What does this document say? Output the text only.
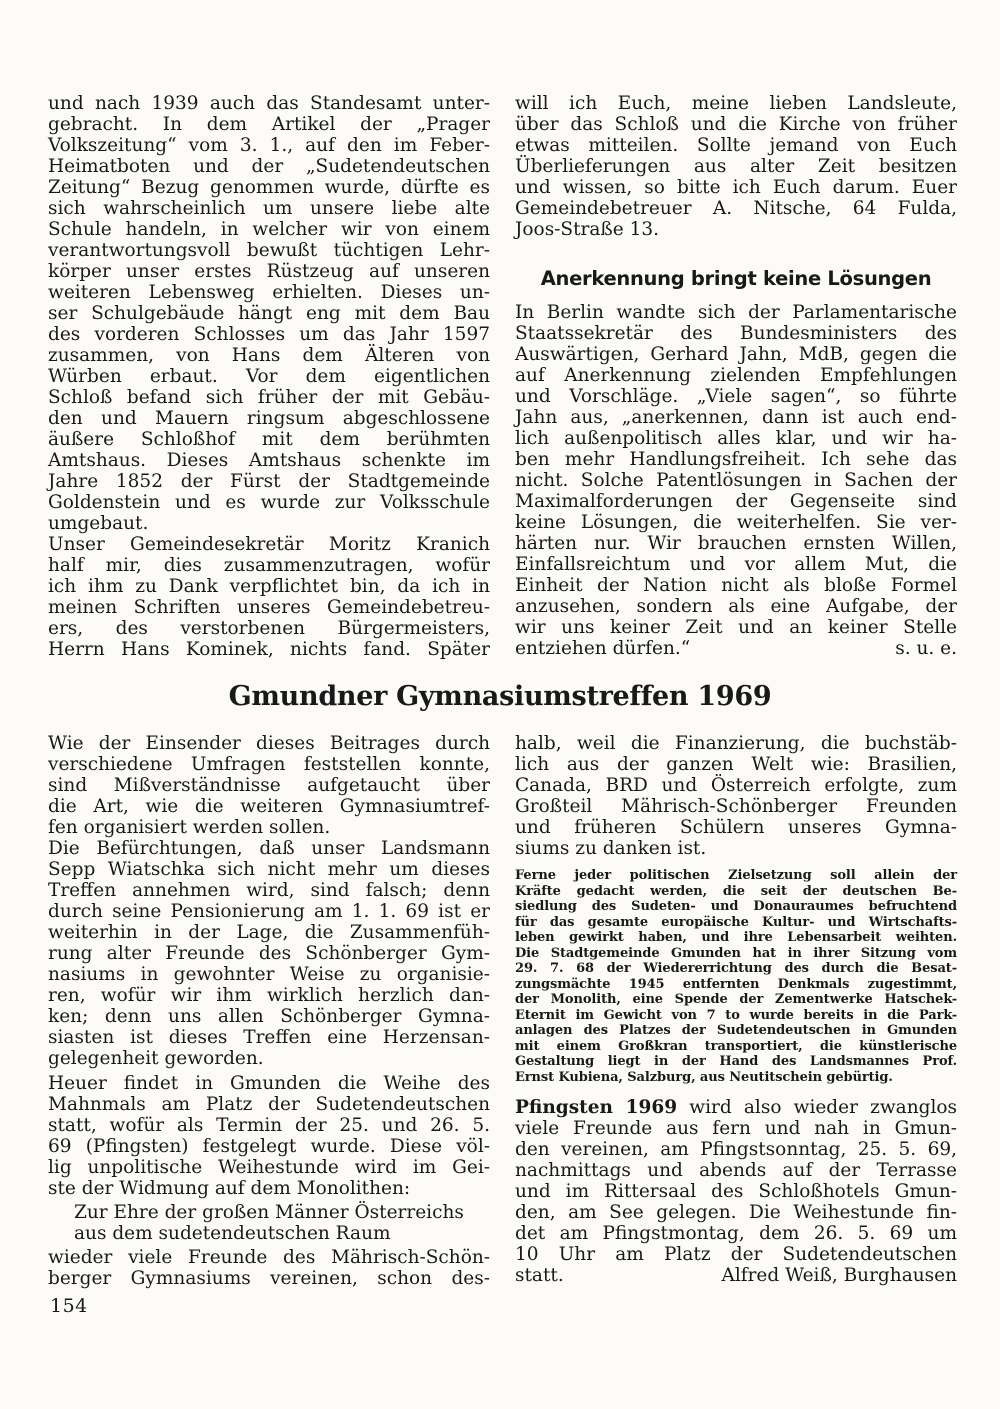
und nach 1939 auch das Standesamt unter-
gebracht. In dem Artikel der „Prager
Volkszeitung“ vom 3. 1., auf den im Feber-
Heimatboten und der „Sudetendeutschen
Zeitung“ Bezug genommen wurde, dürfte es
sich wahrscheinlich um unsere liebe alte
Schule handeln, in welcher wir von einem
verantwortungsvoll bewußt tüchtigen Lehr-
körper unser erstes Rüstzeug auf unseren
weiteren Lebensweg erhielten. Dieses un-
ser Schulgebäude hängt eng mit dem Bau
des vorderen Schlosses um das Jahr 1597
zusammen, von Hans dem Älteren von
Würben erbaut. Vor dem eigentlichen
Schloß befand sich früher der mit Gebäu-
den und Mauern ringsum abgeschlossene
äußere Schloßhof mit dem berühmten
Amtshaus. Dieses Amtshaus schenkte im
Jahre 1852 der Fürst der Stadtgemeinde
Goldenstein und es wurde zur Volksschule
umgebaut.
Unser Gemeindesekretär Moritz Kranich
half mir, dies zusammenzutragen, wofür
ich ihm zu Dank verpflichtet bin, da ich in
meinen Schriften unseres Gemeindebetreu-
ers, des verstorbenen Bürgermeisters,
Herrn Hans Kominek, nichts fand. Später
will ich Euch, meine lieben Landsleute,
über das Schloß und die Kirche von früher
etwas mitteilen. Sollte jemand von Euch
Überlieferungen aus alter Zeit besitzen
und wissen, so bitte ich Euch darum. Euer
Gemeindebetreuer A. Nitsche, 64 Fulda,
Joos-Straße 13.
Anerkennung bringt keine Lösungen
In Berlin wandte sich der Parlamentarische
Staatssekretär des Bundesministers des
Auswärtigen, Gerhard Jahn, MdB, gegen die
auf Anerkennung zielenden Empfehlungen
und Vorschläge. „Viele sagen“, so führte
Jahn aus, „anerkennen, dann ist auch end-
lich außenpolitisch alles klar, und wir ha-
ben mehr Handlungsfreiheit. Ich sehe das
nicht. Solche Patentlösungen in Sachen der
Maximalforderungen der Gegenseite sind
keine Lösungen, die weiterhelfen. Sie ver-
härten nur. Wir brauchen ernsten Willen,
Einfallsreichtum und vor allem Mut, die
Einheit der Nation nicht als bloße Formel
anzusehen, sondern als eine Aufgabe, der
wir uns keiner Zeit und an keiner Stelle
entziehen dürfen.“	s. u. e.
Gmundner Gymnasiumstreffen 1969
Wie der Einsender dieses Beitrages durch
verschiedene Umfragen feststellen konnte,
sind Mißverständnisse aufgetaucht über
die Art, wie die weiteren Gymnasiumtref-
fen organisiert werden sollen.
Die Befürchtungen, daß unser Landsmann
Sepp Wiatschka sich nicht mehr um dieses
Treffen annehmen wird, sind falsch; denn
durch seine Pensionierung am 1. 1. 69 ist er
weiterhin in der Lage, die Zusammenfüh-
rung alter Freunde des Schönberger Gym-
nasiums in gewohnter Weise zu organisie-
ren, wofür wir ihm wirklich herzlich dan-
ken; denn uns allen Schönberger Gymna-
siasten ist dieses Treffen eine Herzensan-
gelegenheit geworden.
Heuer findet in Gmunden die Weihe des
Mahnmals am Platz der Sudetendeutschen
statt, wofür als Termin der 25. und 26. 5.
69 (Pfingsten) festgelegt wurde. Diese völ-
lig unpolitische Weihestunde wird im Gei-
ste der Widmung auf dem Monolithen:
Zur Ehre der großen Männer Österreichs
aus dem sudetendeutschen Raum
wieder viele Freunde des Mährisch-Schön-
berger Gymnasiums vereinen, schon des-
halb, weil die Finanzierung, die buchstäb-
lich aus der ganzen Welt wie: Brasilien,
Canada, BRD und Österreich erfolgte, zum
Großteil Mährisch-Schönberger Freunden
und früheren Schülern unseres Gymna-
siums zu danken ist.
Ferne jeder politischen Zielsetzung soll allein der
Kräfte gedacht werden, die seit der deutschen Be-
siedlung des Sudeten- und Donauraumes befruchtend
für das gesamte europäische Kultur- und Wirtschafts-
leben gewirkt haben, und ihre Lebensarbeit weihten.
Die Stadtgemeinde Gmunden hat in ihrer Sitzung vom
29. 7. 68 der Wiedererrichtung des durch die Besat-
zungsmächte 1945 entfernten Denkmals zugestimmt,
der Monolith, eine Spende der Zementwerke Hatschek-
Eternit im Gewicht von 7 to wurde bereits in die Park-
anlagen des Platzes der Sudetendeutschen in Gmunden
mit einem Großkran transportiert, die künstlerische
Gestaltung liegt in der Hand des Landsmannes Prof.
Ernst Kubiena, Salzburg, aus Neutitschein gebürtig.
Pfingsten 1969 wird also wieder zwanglos
viele Freunde aus fern und nah in Gmun-
den vereinen, am Pfingstsonntag, 25. 5. 69,
nachmittags und abends auf der Terrasse
und im Rittersaal des Schloßhotels Gmun-
den, am See gelegen. Die Weihestunde fin-
det am Pfingstmontag, dem 26. 5. 69 um
10 Uhr am Platz der Sudetendeutschen
statt.	Alfred Weiß, Burghausen
154
